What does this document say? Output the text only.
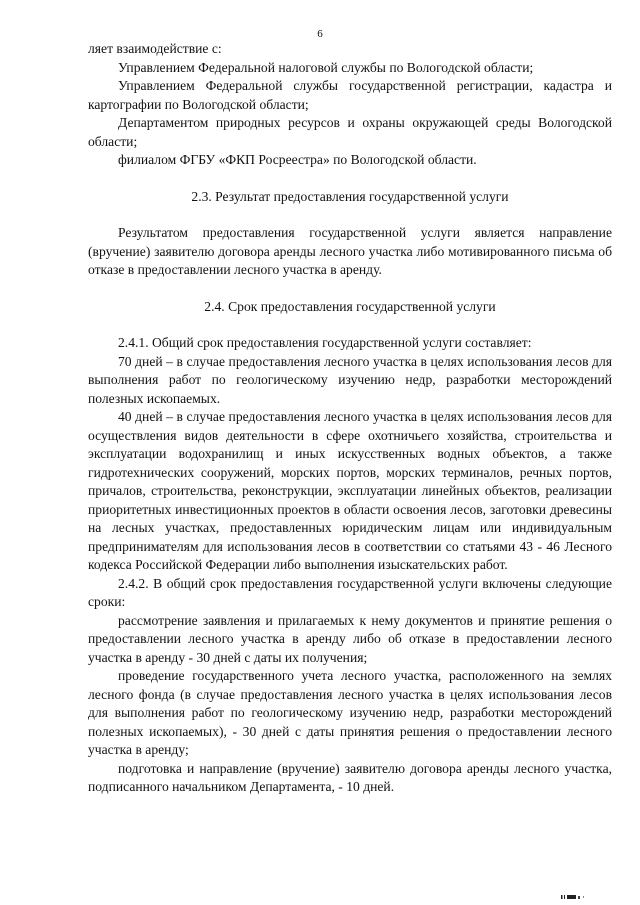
6

ляет взаимодействие с:

Управлением Федеральной налоговой службы по Вологодской области;

Управлением Федеральной службы государственной регистрации, кадастра и картографии по Вологодской области;

Департаментом природных ресурсов и охраны окружающей среды Вологодской области;

филиалом ФГБУ «ФКП Росреестра» по Вологодской области.

2.3. Результат предоставления государственной услуги

Результатом предоставления государственной услуги является направление (вручение) заявителю договора аренды лесного участка либо мотивированного письма об отказе в предоставлении лесного участка в аренду.

2.4. Срок предоставления государственной услуги

2.4.1. Общий срок предоставления государственной услуги составляет:

70 дней – в случае предоставления лесного участка в целях использования лесов для выполнения работ по геологическому изучению недр, разработки месторождений полезных ископаемых.

40 дней – в случае предоставления лесного участка в целях использования лесов для осуществления видов деятельности в сфере охотничьего хозяйства, строительства и эксплуатации водохранилищ и иных искусственных водных объектов, а также гидротехнических сооружений, морских портов, морских терминалов, речных портов, причалов, строительства, реконструкции, эксплуатации линейных объектов, реализации приоритетных инвестиционных проектов в области освоения лесов, заготовки древесины на лесных участках, предоставленных юридическим лицам или индивидуальным предпринимателям для использования лесов в соответствии со статьями 43 - 46 Лесного кодекса Российской Федерации либо выполнения изыскательских работ.

2.4.2. В общий срок предоставления государственной услуги включены следующие сроки:

рассмотрение заявления и прилагаемых к нему документов и принятие решения о предоставлении лесного участка в аренду либо об отказе в предоставлении лесного участка в аренду - 30 дней с даты их получения;

проведение государственного учета лесного участка, расположенного на землях лесного фонда (в случае предоставления лесного участка в целях использования лесов для выполнения работ по геологическому изучению недр, разработки месторождений полезных ископаемых), - 30 дней с даты принятия решения о предоставлении лесного участка в аренду;

подготовка и направление (вручение) заявителю договора аренды лесного участка, подписанного начальником Департамента, - 10 дней.
